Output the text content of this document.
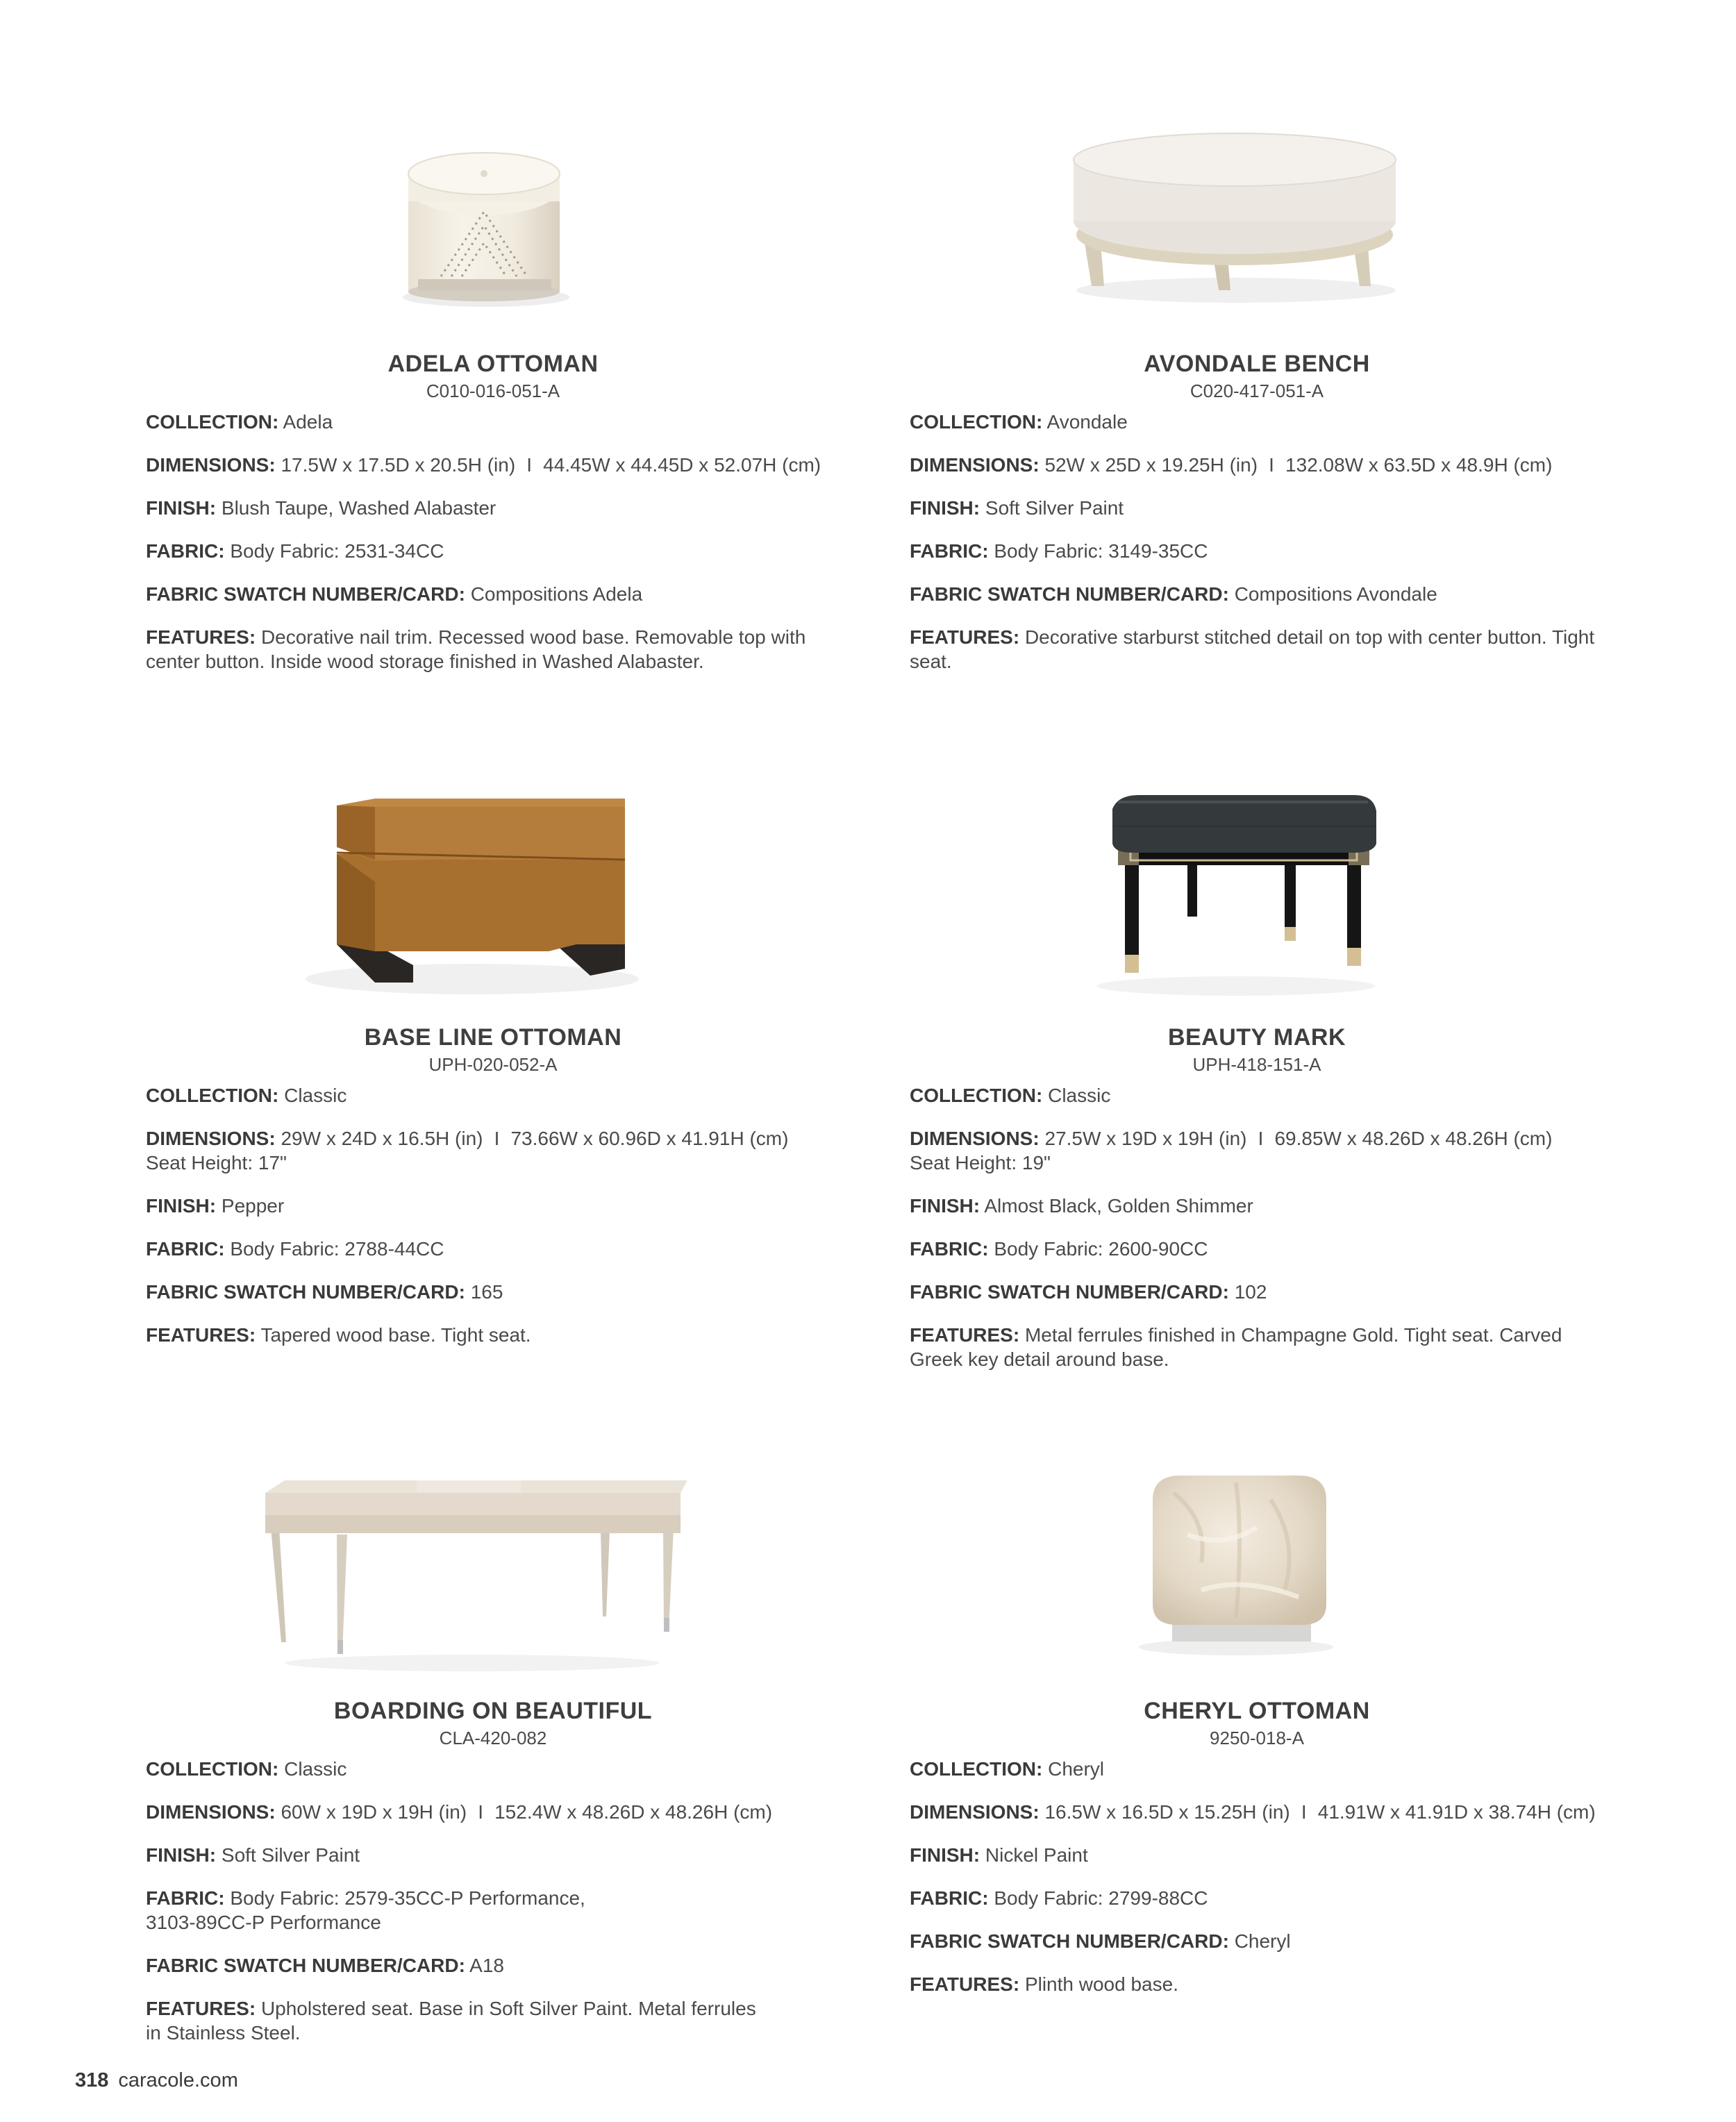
ADELA OTTOMAN
C010-016-051-A
COLLECTION: Adela
DIMENSIONS: 17.5W x 17.5D x 20.5H (in) I 44.45W x 44.45D x 52.07H (cm)
FINISH: Blush Taupe, Washed Alabaster
FABRIC: Body Fabric: 2531-34CC
FABRIC SWATCH NUMBER/CARD: Compositions Adela
FEATURES: Decorative nail trim. Recessed wood base. Removable top with center button. Inside wood storage finished in Washed Alabaster.
AVONDALE BENCH
C020-417-051-A
COLLECTION: Avondale
DIMENSIONS: 52W x 25D x 19.25H (in) I 132.08W x 63.5D x 48.9H (cm)
FINISH: Soft Silver Paint
FABRIC: Body Fabric: 3149-35CC
FABRIC SWATCH NUMBER/CARD: Compositions Avondale
FEATURES: Decorative starburst stitched detail on top with center button. Tight seat.
BASE LINE OTTOMAN
UPH-020-052-A
COLLECTION: Classic
DIMENSIONS: 29W x 24D x 16.5H (in) I 73.66W x 60.96D x 41.91H (cm)
Seat Height: 17"
FINISH: Pepper
FABRIC: Body Fabric: 2788-44CC
FABRIC SWATCH NUMBER/CARD: 165
FEATURES: Tapered wood base. Tight seat.
BEAUTY MARK
UPH-418-151-A
COLLECTION: Classic
DIMENSIONS: 27.5W x 19D x 19H (in) I 69.85W x 48.26D x 48.26H (cm)
Seat Height: 19"
FINISH: Almost Black, Golden Shimmer
FABRIC: Body Fabric: 2600-90CC
FABRIC SWATCH NUMBER/CARD: 102
FEATURES: Metal ferrules finished in Champagne Gold. Tight seat. Carved Greek key detail around base.
BOARDING ON BEAUTIFUL
CLA-420-082
COLLECTION: Classic
DIMENSIONS: 60W x 19D x 19H (in) I 152.4W x 48.26D x 48.26H (cm)
FINISH: Soft Silver Paint
FABRIC: Body Fabric: 2579-35CC-P Performance, 3103-89CC-P Performance
FABRIC SWATCH NUMBER/CARD: A18
FEATURES: Upholstered seat. Base in Soft Silver Paint. Metal ferrules in Stainless Steel.
CHERYL OTTOMAN
9250-018-A
COLLECTION: Cheryl
DIMENSIONS: 16.5W x 16.5D x 15.25H (in) I 41.91W x 41.91D x 38.74H (cm)
FINISH: Nickel Paint
FABRIC: Body Fabric: 2799-88CC
FABRIC SWATCH NUMBER/CARD: Cheryl
FEATURES: Plinth wood base.
318 caracole.com
